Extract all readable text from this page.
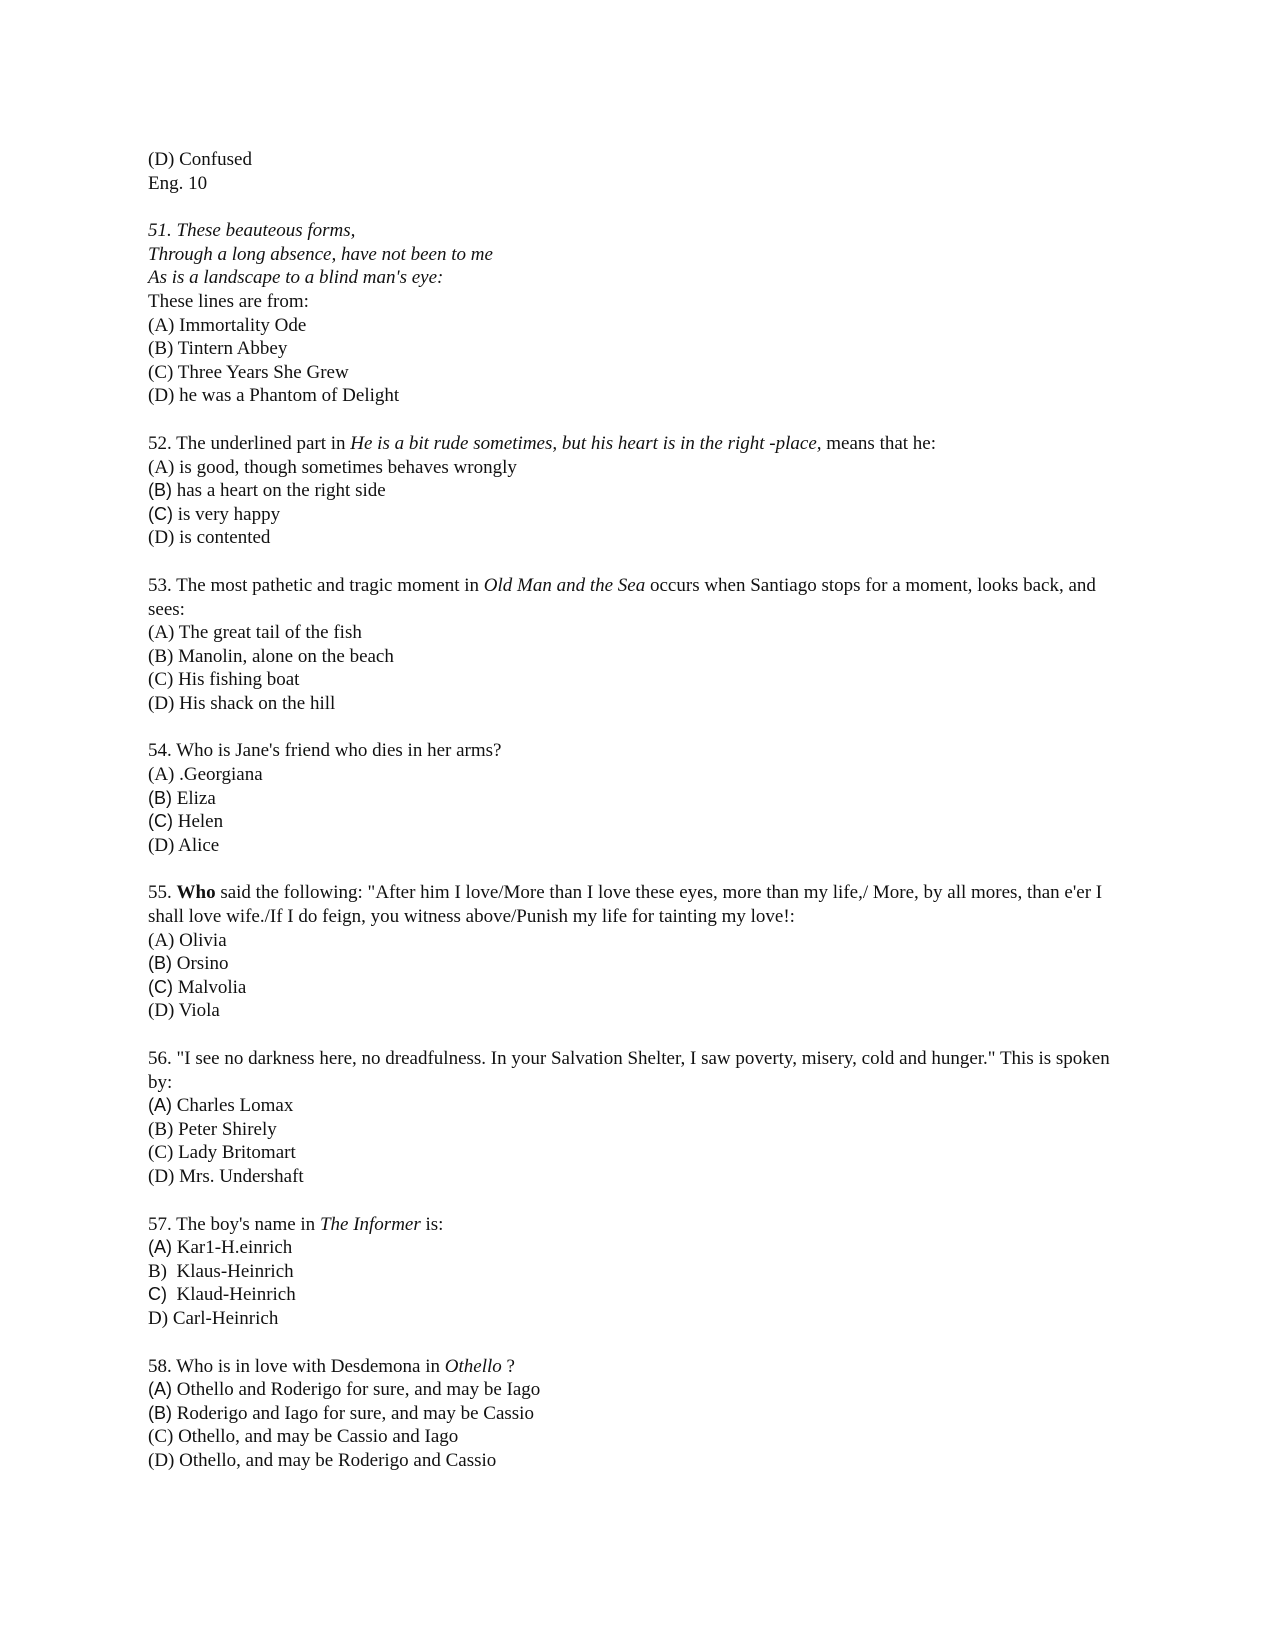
(D) Confused
Eng. 10
51. These beauteous forms,
Through a long absence, have not been to me
As is a landscape to a blind man's eye:
These lines are from:
(A) Immortality Ode
(B) Tintern Abbey
(C) Three Years She Grew
(D) he was a Phantom of Delight
52. The underlined part in He is a bit rude sometimes, but his heart is in the right -place, means that he:
(A) is good, though sometimes behaves wrongly
(B) has a heart on the right side
(C) is very happy
(D) is contented
53. The most pathetic and tragic moment in Old Man and the Sea occurs when Santiago stops for a moment, looks back, and sees:
(A) The great tail of the fish
(B) Manolin, alone on the beach
(C) His fishing boat
(D) His shack on the hill
54. Who is Jane's friend who dies in her arms?
(A) .Georgiana
(B) Eliza
(C) Helen
(D) Alice
55. Who said the following: "After him I love/More than I love these eyes, more than my life,/ More, by all mores, than e'er I shall love wife./If I do feign, you witness above/Punish my life for tainting my love!:
(A) Olivia
(B) Orsino
(C) Malvolia
(D) Viola
56. "I see no darkness here, no dreadfulness. In your Salvation Shelter, I saw poverty, misery, cold and hunger." This is spoken by:
(A) Charles Lomax
(B) Peter Shirely
(C) Lady Britomart
(D) Mrs. Undershaft
57. The boy's name in The Informer is:
(A) Kar1-H.einrich
B)  Klaus-Heinrich
C)  Klaud-Heinrich
D) Carl-Heinrich
58. Who is in love with Desdemona in Othello ?
(A) Othello and Roderigo for sure, and may be Iago
(B) Roderigo and Iago for sure, and may be Cassio
(C) Othello, and may be Cassio and Iago
(D) Othello, and may be Roderigo and Cassio
